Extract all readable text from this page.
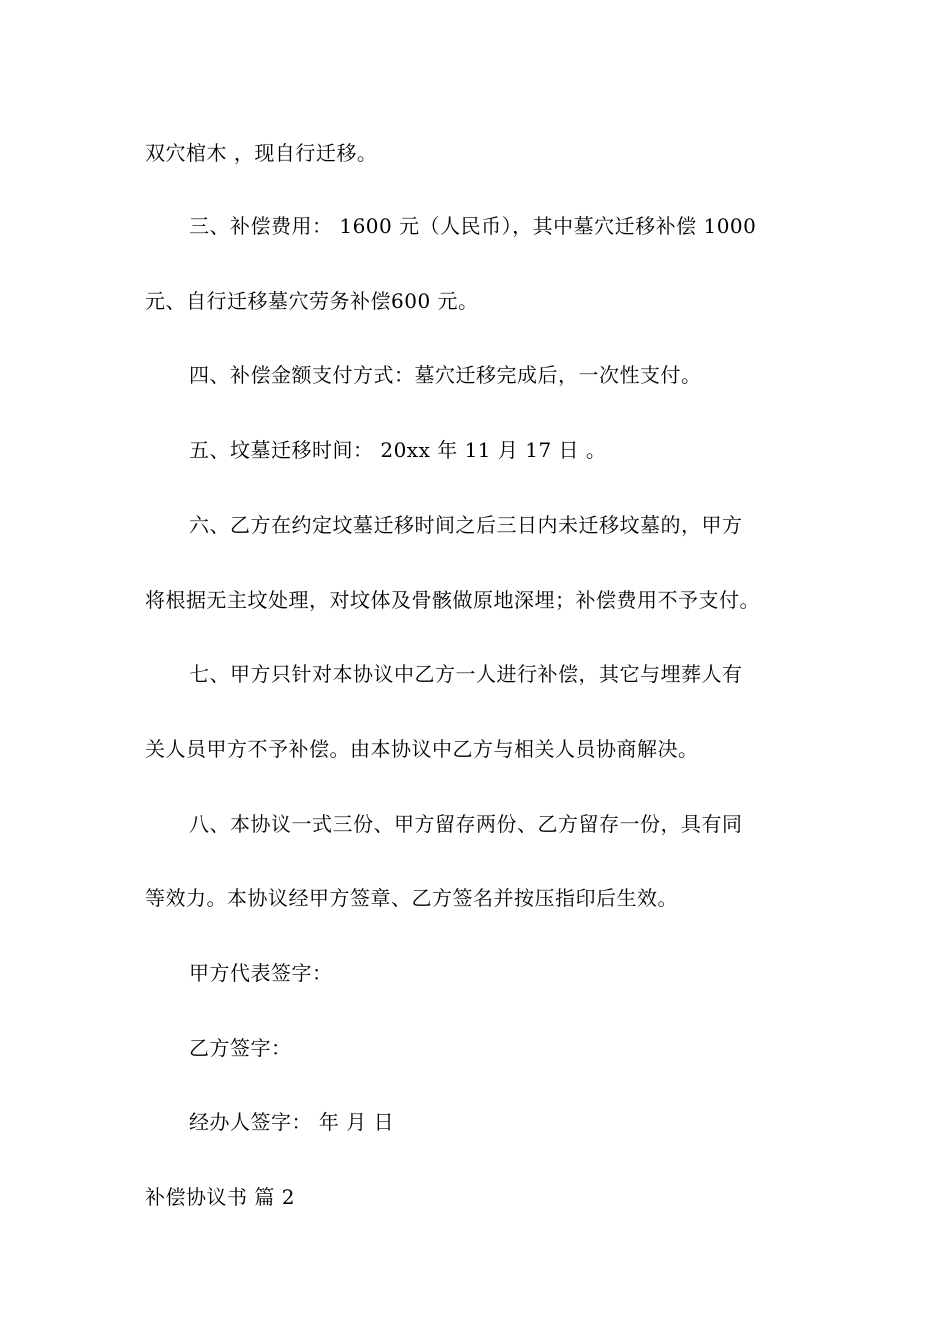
双穴棺木 ，现自行迁移。
三、补偿费用： 1600 元（人民币），其中墓穴迁移补偿 1000
元、自行迁移墓穴劳务补偿600 元。
四、补偿金额支付方式：墓穴迁移完成后，一次性支付。
五、坟墓迁移时间： 20xx 年 11 月 17 日 。
六、乙方在约定坟墓迁移时间之后三日内未迁移坟墓的，甲方
将根据无主坟处理，对坟体及骨骸做原地深埋；补偿费用不予支付。
七、甲方只针对本协议中乙方一人进行补偿，其它与埋葬人有
关人员甲方不予补偿。由本协议中乙方与相关人员协商解决。
八、本协议一式三份、甲方留存两份、乙方留存一份，具有同
等效力。本协议经甲方签章、乙方签名并按压指印后生效。
甲方代表签字：
乙方签字：
经办人签字： 年 月 日
补偿协议书 篇 2
